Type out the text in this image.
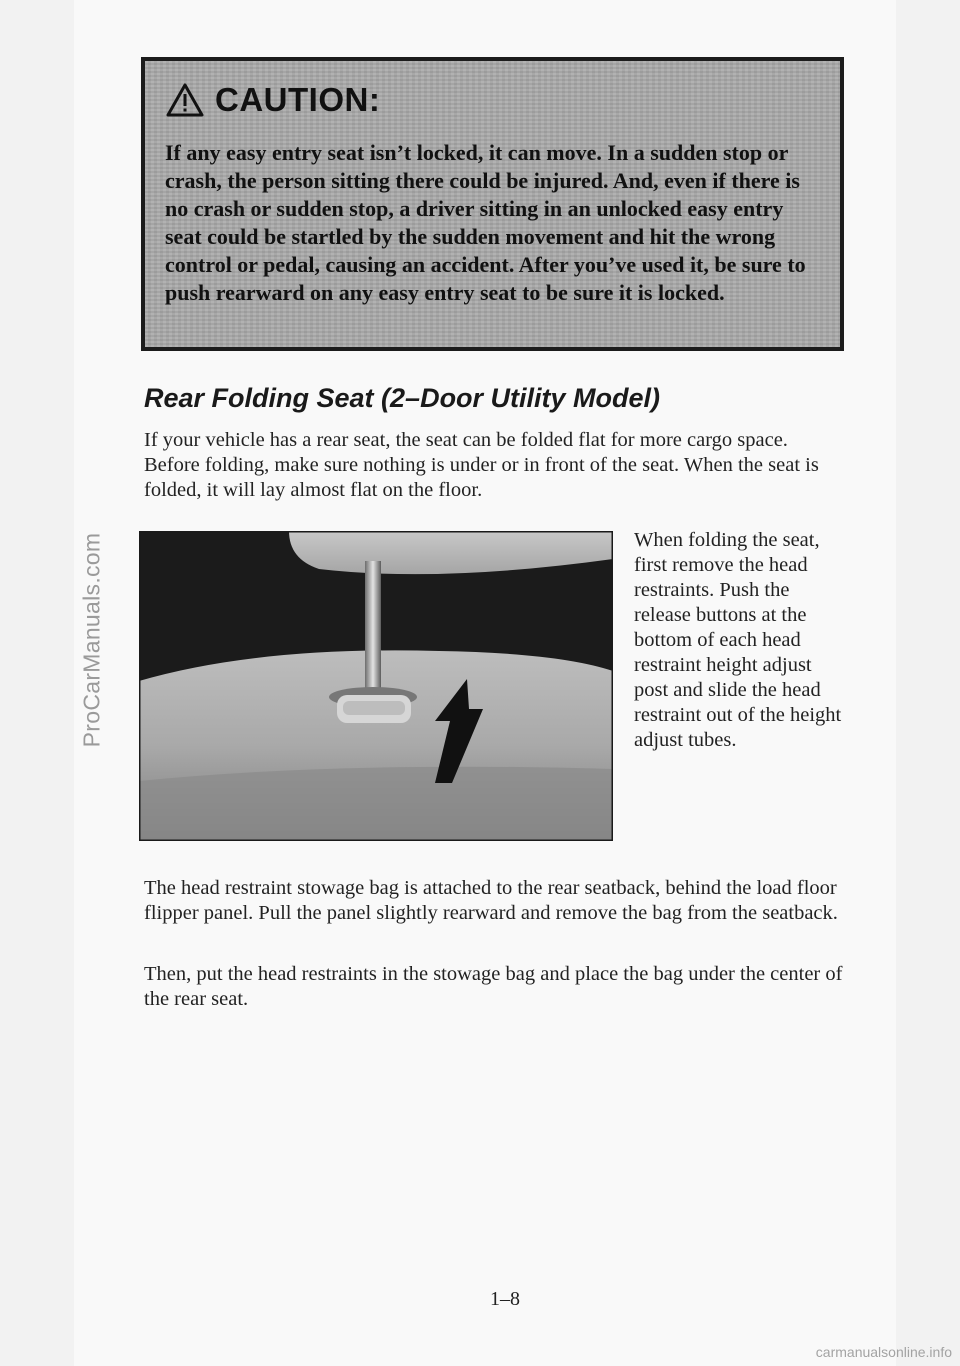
ProCarManuals.com
CAUTION:

If any easy entry seat isn’t locked, it can move. In a sudden stop or crash, the person sitting there could be injured. And, even if there is no crash or sudden stop, a driver sitting in an unlocked easy entry seat could be startled by the sudden movement and hit the wrong control or pedal, causing an accident. After you’ve used it, be sure to push rearward on any easy entry seat to be sure it is locked.

Rear Folding Seat (2–Door Utility Model)

If your vehicle has a rear seat, the seat can be folded flat for more cargo space. Before folding, make sure nothing is under or in front of the seat. When the seat is folded, it will lay almost flat on the floor.

When folding the seat, first remove the head restraints. Push the release buttons at the bottom of each head restraint height adjust post and slide the head restraint out of the height adjust tubes.

The head restraint stowage bag is attached to the rear seatback, behind the load floor flipper panel. Pull the panel slightly rearward and remove the bag from the seatback.

Then, put the head restraints in the stowage bag and place the bag under the center of the rear seat.

1–8
carmanualsonline.info
